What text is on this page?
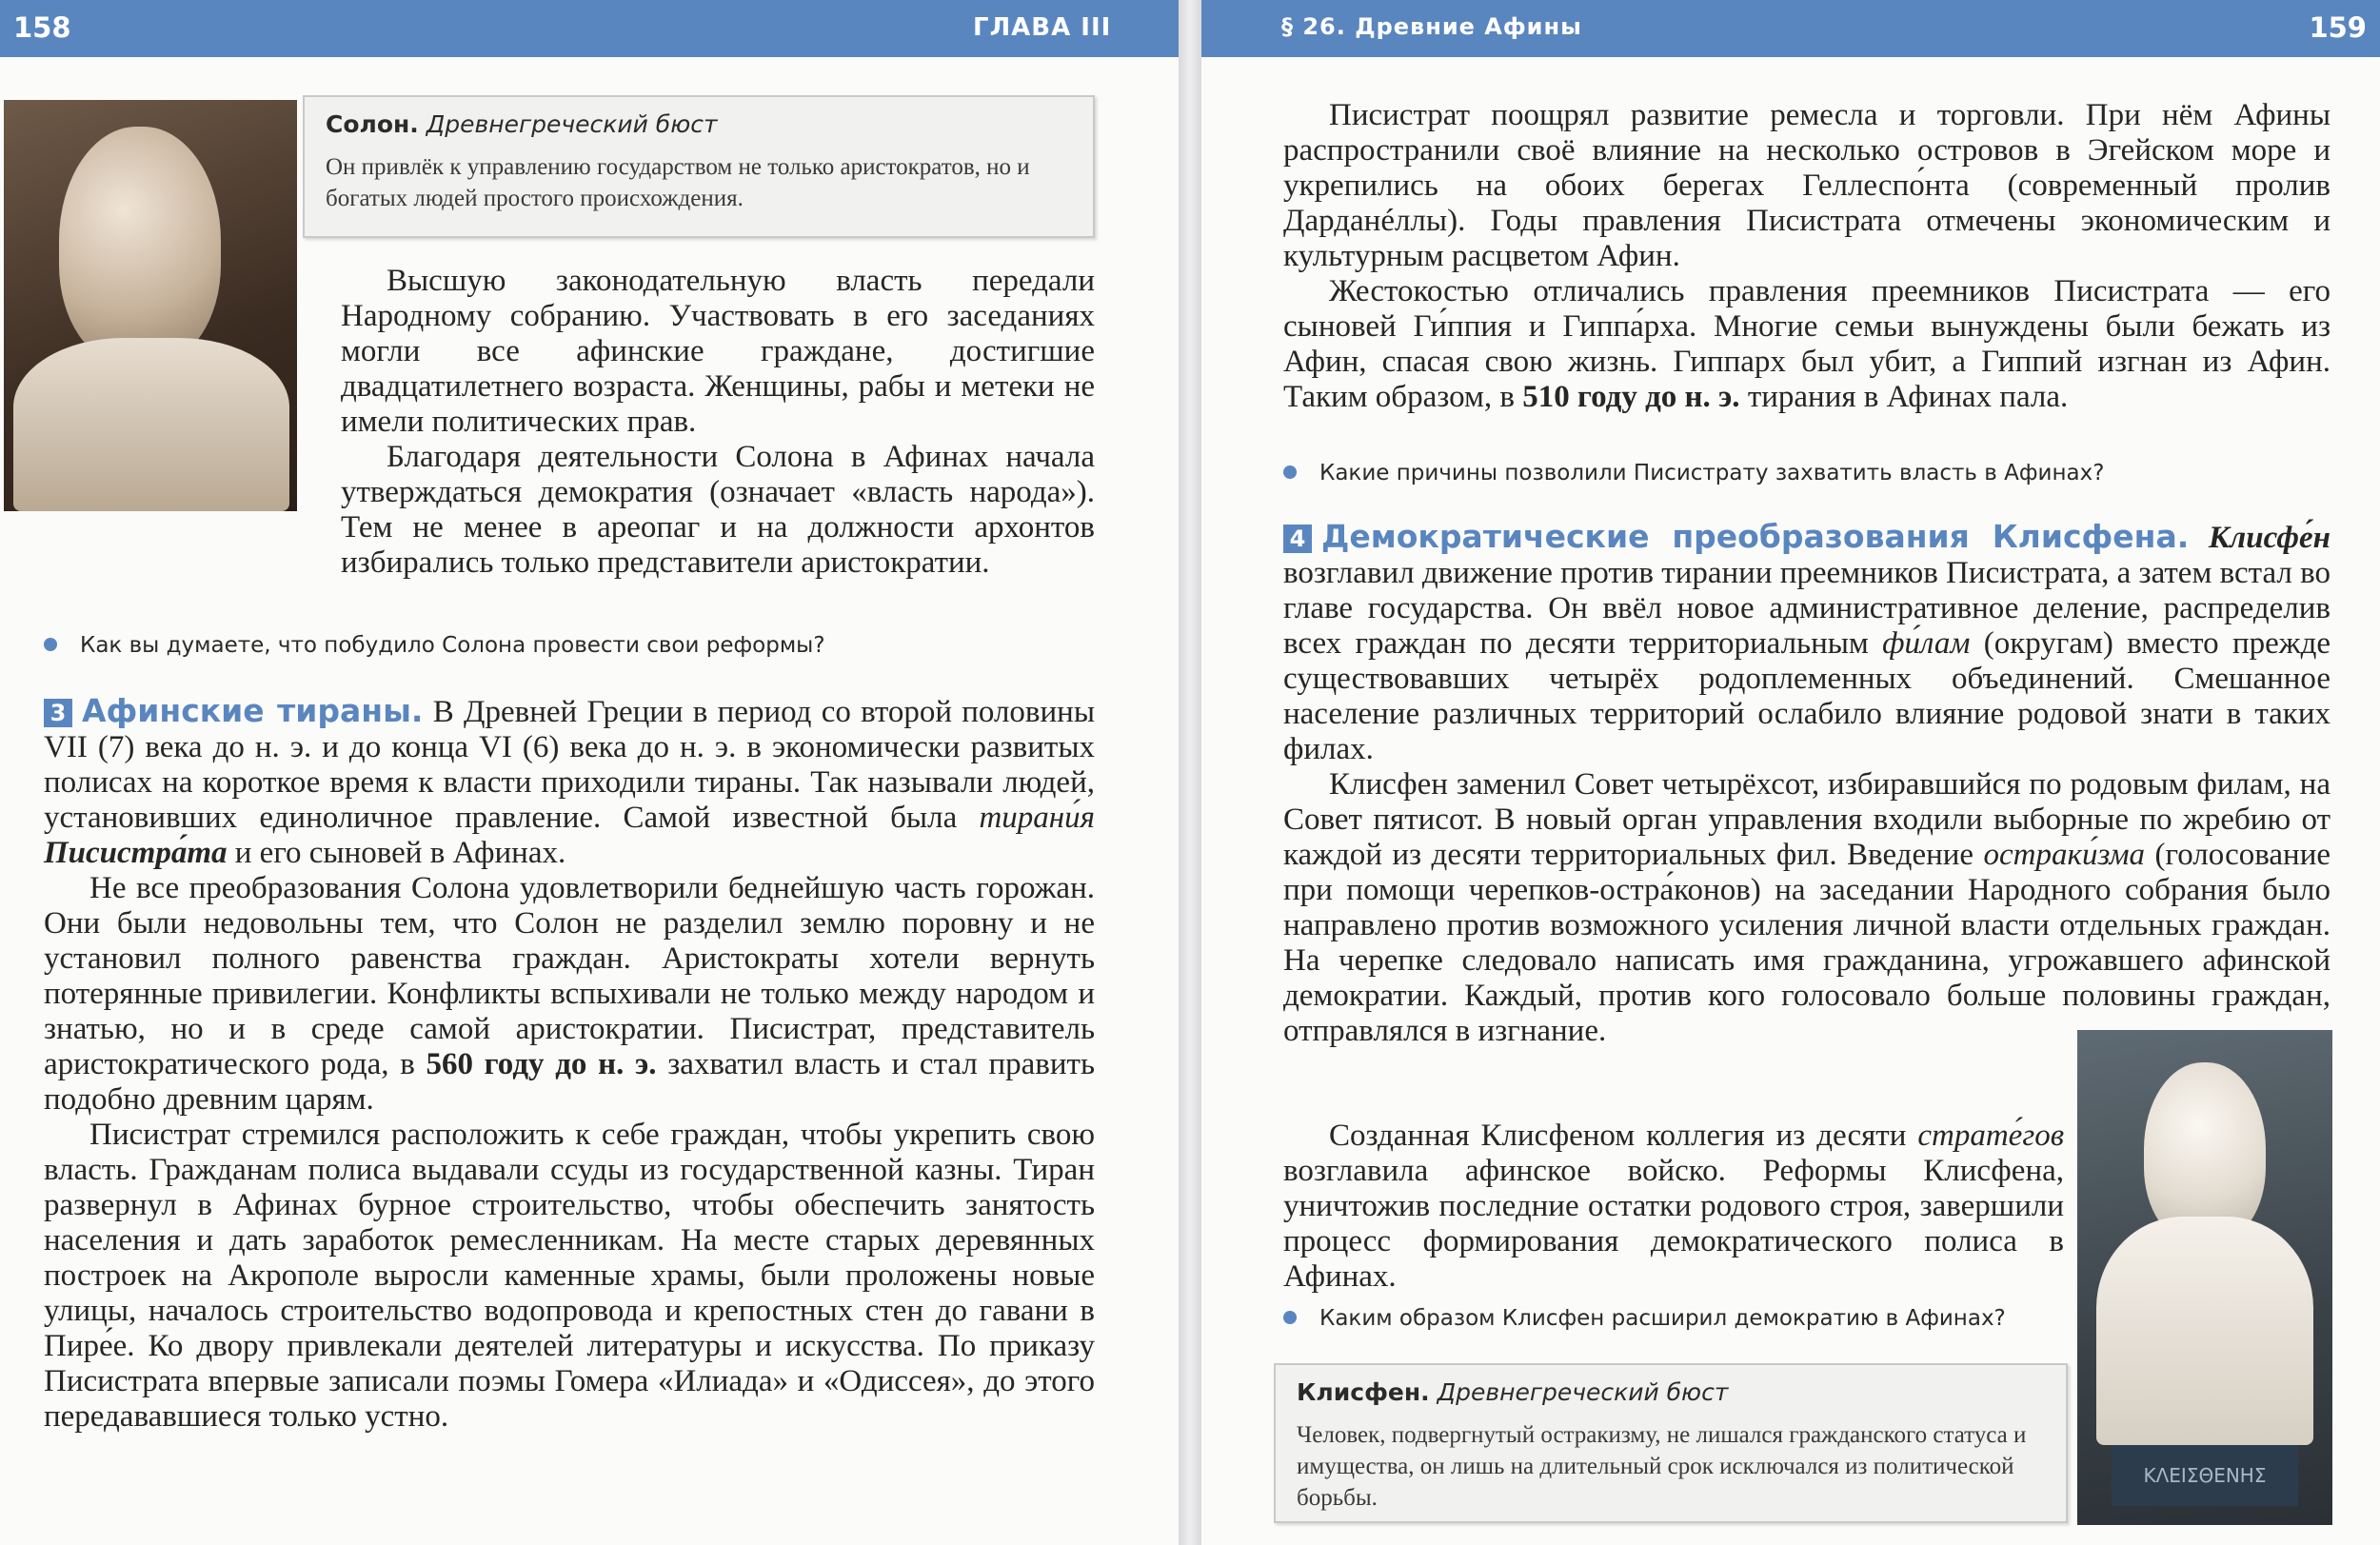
158	ГЛАВА III
Солон. Древнегреческий бюст
Он привлёк к управлению государством не только аристократов, но и богатых людей простого происхождения.

Высшую законодательную власть передали Народному собранию. Участвовать в его заседаниях могли все афинские граждане, достигшие двадцатилетнего возраста. Женщины, рабы и метеки не имели политических прав.

Благодаря деятельности Солона в Афинах начала утверждаться демократия (означает «власть народа»). Тем не менее в ареопаг и на должности архонтов избирались только представители аристократии.

Как вы думаете, что побудило Солона провести свои реформы?

3 Афинские тираны. В Древней Греции в период со второй половины VII (7) века до н. э. и до конца VI (6) века до н. э. в экономически развитых полисах на короткое время к власти приходили тираны. Так называли людей, установивших единоличное правление. Самой известной была тирани́я Писистра́та и его сыновей в Афинах.

Не все преобразования Солона удовлетворили беднейшую часть горожан. Они были недовольны тем, что Солон не разделил землю поровну и не установил полного равенства граждан. Аристократы хотели вернуть потерянные привилегии. Конфликты вспыхивали не только между народом и знатью, но и в среде самой аристократии. Писистрат, представитель аристократического рода, в 560 году до н. э. захватил власть и стал править подобно древним царям.

Писистрат стремился расположить к себе граждан, чтобы укрепить свою власть. Гражданам полиса выдавали ссуды из государственной казны. Тиран развернул в Афинах бурное строительство, чтобы обеспечить занятость населения и дать заработок ремесленникам. На месте старых деревянных построек на Акрополе выросли каменные храмы, были проложены новые улицы, началось строительство водопровода и крепостных стен до гавани в Пире́е. Ко двору привлекали деятелей литературы и искусства. По приказу Писистрата впервые записали поэмы Гомера «Илиада» и «Одиссея», до этого передававшиеся только устно.

§ 26. Древние Афины	159

Писистрат поощрял развитие ремесла и торговли. При нём Афины распространили своё влияние на несколько островов в Эгейском море и укрепились на обоих берегах Геллеспо́нта (современный пролив Дарданéллы). Годы правления Писистрата отмечены экономическим и культурным расцветом Афин.

Жестокостью отличались правления преемников Писистрата — его сыновей Ги́ппия и Гиппа́рха. Многие семьи вынуждены были бежать из Афин, спасая свою жизнь. Гиппарх был убит, а Гиппий изгнан из Афин. Таким образом, в 510 году до н. э. тирания в Афинах пала.

Какие причины позволили Писистрату захватить власть в Афинах?

4 Демократические преобразования Клисфена. Клисфе́н возглавил движение против тирании преемников Писистрата, а затем встал во главе государства. Он ввёл новое административное деление, распределив всех граждан по десяти территориальным фи́лам (округам) вместо прежде существовавших четырёх родоплеменных объединений. Смешанное население различных территорий ослабило влияние родовой знати в таких филах.

Клисфен заменил Совет четырёхсот, избиравшийся по родовым филам, на Совет пятисот. В новый орган управления входили выборные по жребию от каждой из десяти территориальных фил. Введение острaки́зма (голосование при помощи черепков-остра́конов) на заседании Народного собрания было направлено против возможного усиления личной власти отдельных граждан. На черепке следовало написать имя гражданина, угрожавшего афинской демократии. Каждый, против кого голосовало больше половины граждан, отправлялся в изгнание.

ΚΛΕΙΣΘΕΝΗΣ

Созданная Клисфеном коллегия из десяти страте́гов возглавила афинское войско. Реформы Клисфена, уничтожив последние остатки родового строя, завершили процесс формирования демократического полиса в Афинах.

Каким образом Клисфен расширил демократию в Афинах?
Клисфен. Древнегреческий бюст
Человек, подвергнутый остракизму, не лишался гражданского статуса и имущества, он лишь на длительный срок исключался из политической борьбы.
